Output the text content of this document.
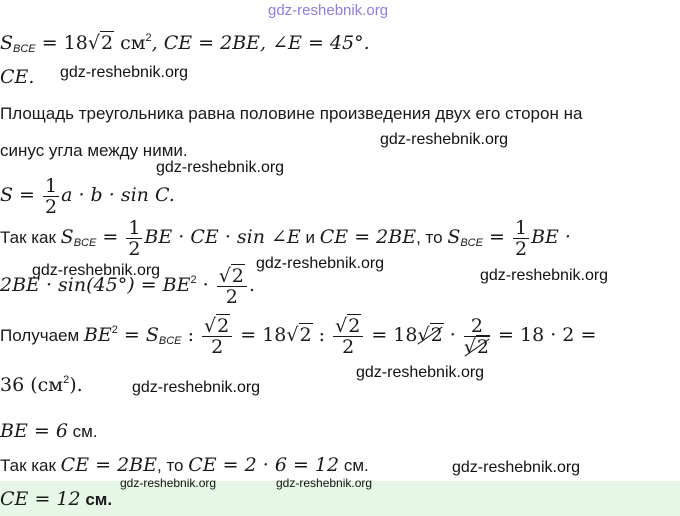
$S_{BCE} = 18√2$ $см^2$, CE = 2BE, ∠E = 45°.
CE.
Площадь треугольника равна половине произведения двух его сторон на
синус угла между ними.
$S = \frac{1}{2}$ a · b · sin C.
Так как $S_{BCE} = \frac{1}{2}$ BE · CE · sin ∠E и CE = 2BE, то $S_{BCE} = \frac{1}{2}$ BE ·
$2BE \cdot \sin(45^\circ) = BE^2 \cdot \frac{√2}{2}$ .
Получаем $BE^2 = S_{BCE}$ : $\frac{√2}{2} = 18√2$ : $\frac{√2}{2} = 18√2 \cdot \frac{2}{√2} = 18 \cdot 2$ =
36 $(см^2)$.
BE = 6 см.
Так как CE = 2BE, то CE = 2 · 6 = 12 см.
CE = 12 см.
gdz-reshebnik.org
gdz-reshebnik.org
gdz-reshebnik.org
gdz-reshebnik.org
gdz-reshebnik.org	gdz-reshebnik.org
gdz-reshebnik.org
gdz-reshebnik.org
gdz-reshebnik.org
gdz-reshebnik.org
gdz-reshebnik.org	gdz-reshebnik.org
